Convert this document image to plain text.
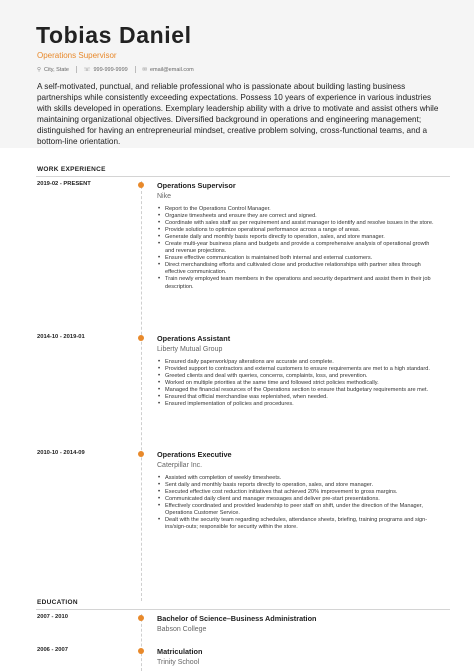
Tobias Daniel
Operations Supervisor
⚲ City, State	☏ 999-999-9999	✉ email@email.com
A self-motivated, punctual, and reliable professional who is passionate about building lasting business partnerships while consistently exceeding expectations. Possess 10 years of experience in various industries with skills developed in operations. Exemplary leadership ability with a drive to motivate and assist others while maintaining organizational objectives. Diversified background in operations and engineering management; distinguished for having an entrepreneurial mindset, creative problem solving, cross-functional teams, and a bottom-line orientation.
WORK EXPERIENCE
2019-02 - PRESENT	Operations Supervisor
Nike
• Report to the Operations Control Manager.
• Organize timesheets and ensure they are correct and signed.
• Coordinate with sales staff as per requirement and assist manager to identify and resolve issues in the store.
• Provide solutions to optimize operational performance across a range of areas.
• Generate daily and monthly basis reports directly to operation, sales, and store manager.
• Create multi-year business plans and budgets and provide a comprehensive analysis of operational growth and revenue projections.
• Ensure effective communication is maintained both internal and external customers.
• Direct merchandising efforts and cultivated close and productive relationships with partner sites through effective communication.
• Train newly employed team members in the operations and security department and assist them in their job description.
2014-10 - 2019-01	Operations Assistant
Liberty Mutual Group
• Ensured daily paperwork/pay alterations are accurate and complete.
• Provided support to contractors and external customers to ensure requirements are met to a high standard.
• Greeted clients and deal with queries, concerns, complaints, loss, and prevention.
• Worked on multiple priorities at the same time and followed strict policies methodically.
• Managed the financial resources of the Operations section to ensure that budgetary requirements are met.
• Ensured that official merchandise was replenished, when needed.
• Ensured implementation of policies and procedures.
2010-10 - 2014-09	Operations Executive
Caterpillar Inc.
• Assisted with completion of weekly timesheets.
• Sent daily and monthly basis reports directly to operation, sales, and store manager.
• Executed effective cost reduction initiatives that achieved 20% improvement to gross margins.
• Communicated daily client and manager messages and deliver pre-start presentations.
• Effectively coordinated and provided leadership to peer staff on shift, under the direction of the Manager, Operations Customer Service.
• Dealt with the security team regarding schedules, attendance sheets, briefing, training programs and sign-ins/sign-outs; responsible for security within the store.
EDUCATION
2007 - 2010	Bachelor of Science–Business Administration
Babson College
2006 - 2007	Matriculation
Trinity School
